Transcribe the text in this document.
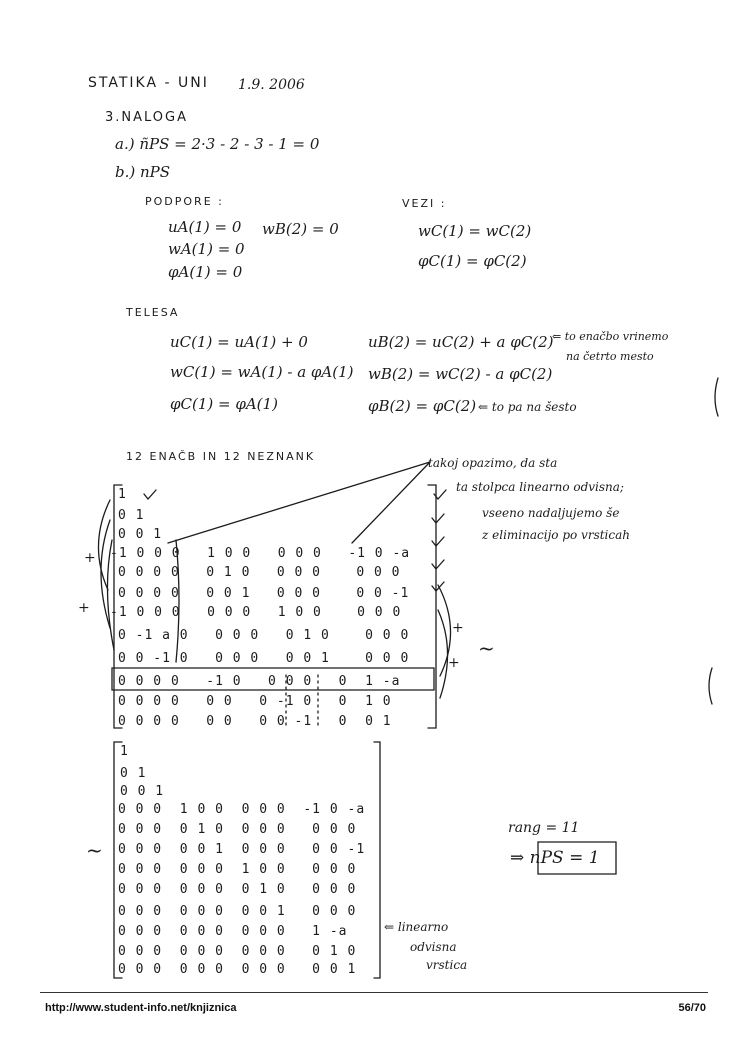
STATIKA - UNI 1.9. 2006
3.NALOGA
a.) ñPS = 2·3 - 2 - 3 - 1 = 0
b.) nPS
PODPORE :
uA(1) = 0
wA(1) = 0
φA(1) = 0
wB(2) = 0
VEZI :
wC(1) = wC(2)
φC(1) = φC(2)
TELESA
uC(1) = uA(1) + 0
wC(1) = wA(1) - a φA(1)
φC(1) = φA(1)
uB(2) = uC(2) + a φC(2)
wB(2) = wC(2) - a φC(2)
φB(2) = φC(2)
⇐ to enačbo vrinemo
na četrto mesto
⇐ to pa na šesto
12 ENAČB IN 12 NEZNANK	takoj opazimo, da sta
ta stolpca linearno odvisna;
vseeno nadaljujemo še
z eliminacijo po vrsticah
1
0 1
0 0 1
-1 0 0 0   1 0 0   0 0 0   -1 0 -a
0 0 0 0   0 1 0   0 0 0    0 0 0
0 0 0 0   0 0 1   0 0 0    0 0 -1
-1 0 0 0   0 0 0   1 0 0    0 0 0
0 -1 a 0   0 0 0   0 1 0    0 0 0
0 0 -1 0   0 0 0   0 0 1    0 0 0
0 0 0 0   -1 0   0 0 0   0  1 -a
0 0 0 0   0 0   0 -1 0   0  1 0
0 0 0 0   0 0   0 0 -1   0  0 1
+
+
+
+
~
1
0 1
0 0 1
0 0 0  1 0 0  0 0 0  -1 0 -a
0 0 0  0 1 0  0 0 0   0 0 0
0 0 0  0 0 1  0 0 0   0 0 -1
0 0 0  0 0 0  1 0 0   0 0 0
0 0 0  0 0 0  0 1 0   0 0 0
0 0 0  0 0 0  0 0 1   0 0 0
0 0 0  0 0 0  0 0 0   1 -a
0 0 0  0 0 0  0 0 0   0 1 0
0 0 0  0 0 0  0 0 0   0 0 1
~
⇐ linearno
odvisna
vrstica
rang = 11
⇒ nPS = 1
http://www.student-info.net/knjiznica	56/70
